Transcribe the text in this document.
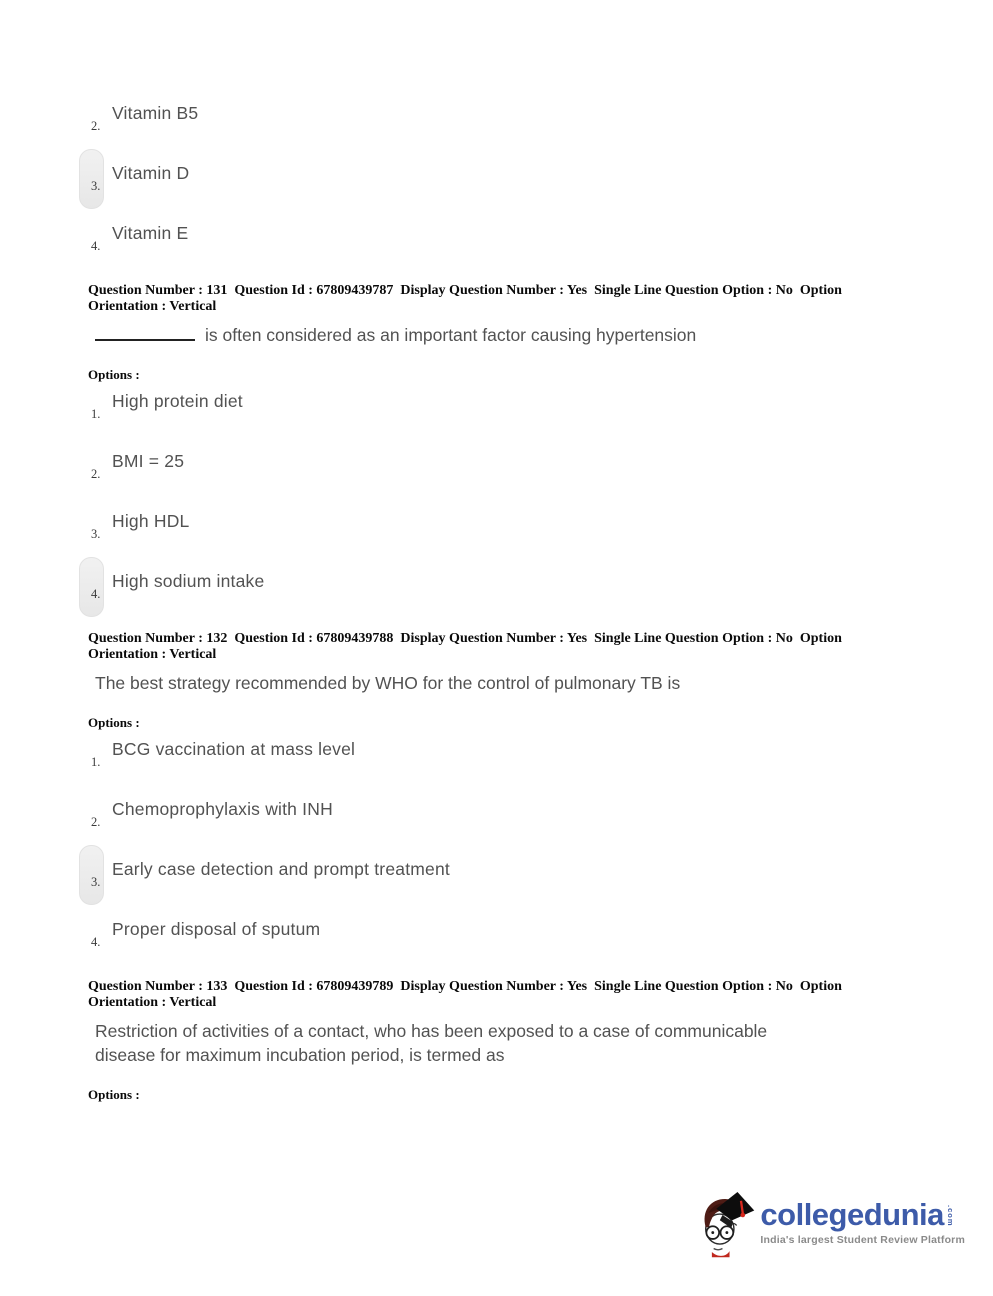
2.
Vitamin B5
3.
Vitamin D
4.
Vitamin E

Question Number : 131  Question Id : 67809439787  Display Question Number : Yes  Single Line Question Option : No  Option Orientation : Vertical

is often considered as an important factor causing hypertension

Options :

1.
High protein diet
2.
BMI = 25
3.
High HDL
4.
High sodium intake

Question Number : 132  Question Id : 67809439788  Display Question Number : Yes  Single Line Question Option : No  Option Orientation : Vertical

The best strategy recommended by WHO for the control of pulmonary TB is

Options :

1.
BCG vaccination at mass level
2.
Chemoprophylaxis with INH
3.
Early case detection and prompt treatment
4.
Proper disposal of sputum

Question Number : 133  Question Id : 67809439789  Display Question Number : Yes  Single Line Question Option : No  Option Orientation : Vertical

Restriction of activities of a contact, who has been exposed to a case of communicable disease for maximum incubation period, is termed as

Options :

collegedunia .com
India's largest Student Review Platform
